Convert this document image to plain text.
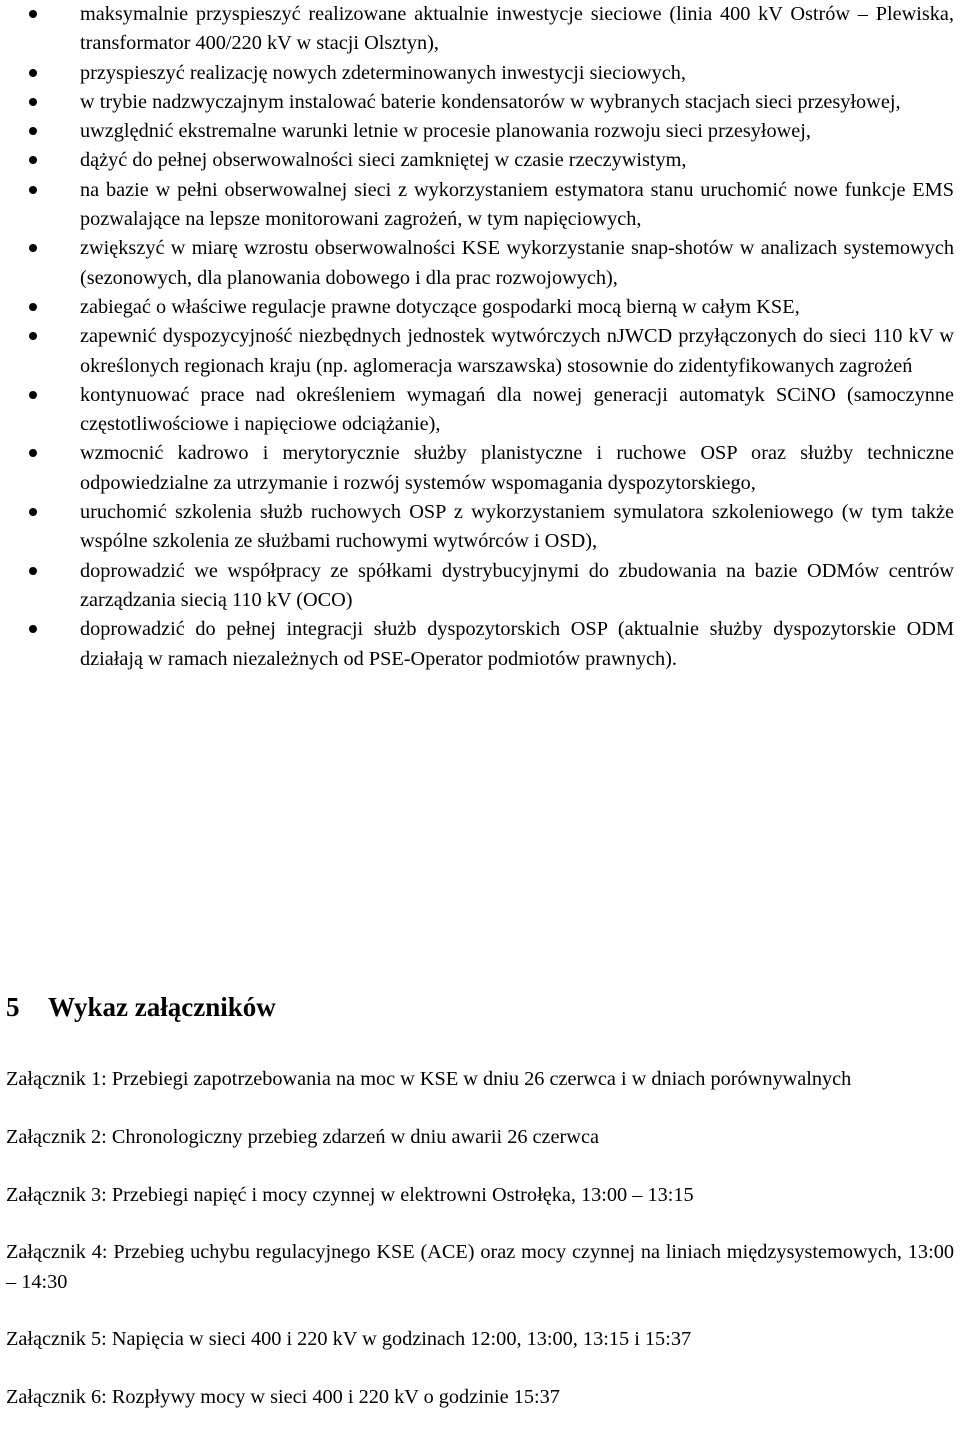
maksymalnie przyspieszyć realizowane aktualnie inwestycje sieciowe (linia 400 kV Ostrów – Plewiska, transformator 400/220 kV w stacji Olsztyn),
przyspieszyć realizację nowych zdeterminowanych inwestycji sieciowych,
w trybie nadzwyczajnym instalować baterie kondensatorów w wybranych stacjach sieci przesyłowej,
uwzględnić ekstremalne warunki letnie w procesie planowania rozwoju sieci przesyłowej,
dążyć do pełnej obserwowalności sieci zamkniętej w czasie rzeczywistym,
na bazie w pełni obserwowalnej sieci z wykorzystaniem estymatora stanu uruchomić nowe funkcje EMS pozwalające na lepsze monitorowani zagrożeń, w tym napięciowych,
zwiększyć w miarę wzrostu obserwowalności KSE wykorzystanie snap-shotów w analizach systemowych (sezonowych, dla planowania dobowego i dla prac rozwojowych),
zabiegać o właściwe regulacje prawne dotyczące gospodarki mocą bierną w całym KSE,
zapewnić dyspozycyjność niezbędnych jednostek wytwórczych nJWCD przyłączonych do sieci 110 kV w określonych regionach kraju (np. aglomeracja warszawska) stosownie do zidentyfikowanych zagrożeń
kontynuować prace nad określeniem wymagań dla nowej generacji automatyk SCiNO (samoczynne częstotliwościowe i napięciowe odciążanie),
wzmocnić kadrowo i merytorycznie służby planistyczne i ruchowe OSP oraz służby techniczne odpowiedzialne za utrzymanie i rozwój systemów wspomagania dyspozytorskiego,
uruchomić szkolenia służb ruchowych OSP z wykorzystaniem symulatora szkoleniowego (w tym także wspólne szkolenia ze służbami ruchowymi wytwórców i OSD),
doprowadzić we współpracy ze spółkami dystrybucyjnymi do zbudowania na bazie ODMów centrów zarządzania siecią 110 kV (OCO)
doprowadzić do pełnej integracji służb dyspozytorskich OSP (aktualnie służby dyspozytorskie ODM działają w ramach niezależnych od PSE-Operator podmiotów prawnych).
5	Wykaz załączników

Załącznik 1: Przebiegi zapotrzebowania na moc w KSE w dniu 26 czerwca i w dniach porównywalnych

Załącznik 2: Chronologiczny przebieg zdarzeń w dniu awarii 26 czerwca

Załącznik 3: Przebiegi napięć i mocy czynnej w elektrowni Ostrołęka, 13:00 – 13:15

Załącznik 4: Przebieg uchybu regulacyjnego KSE (ACE) oraz mocy czynnej na liniach międzysystemowych, 13:00 – 14:30

Załącznik 5: Napięcia w sieci 400 i 220 kV w godzinach 12:00, 13:00, 13:15 i 15:37

Załącznik 6: Rozpływy mocy w sieci 400 i 220 kV o godzinie 15:37
